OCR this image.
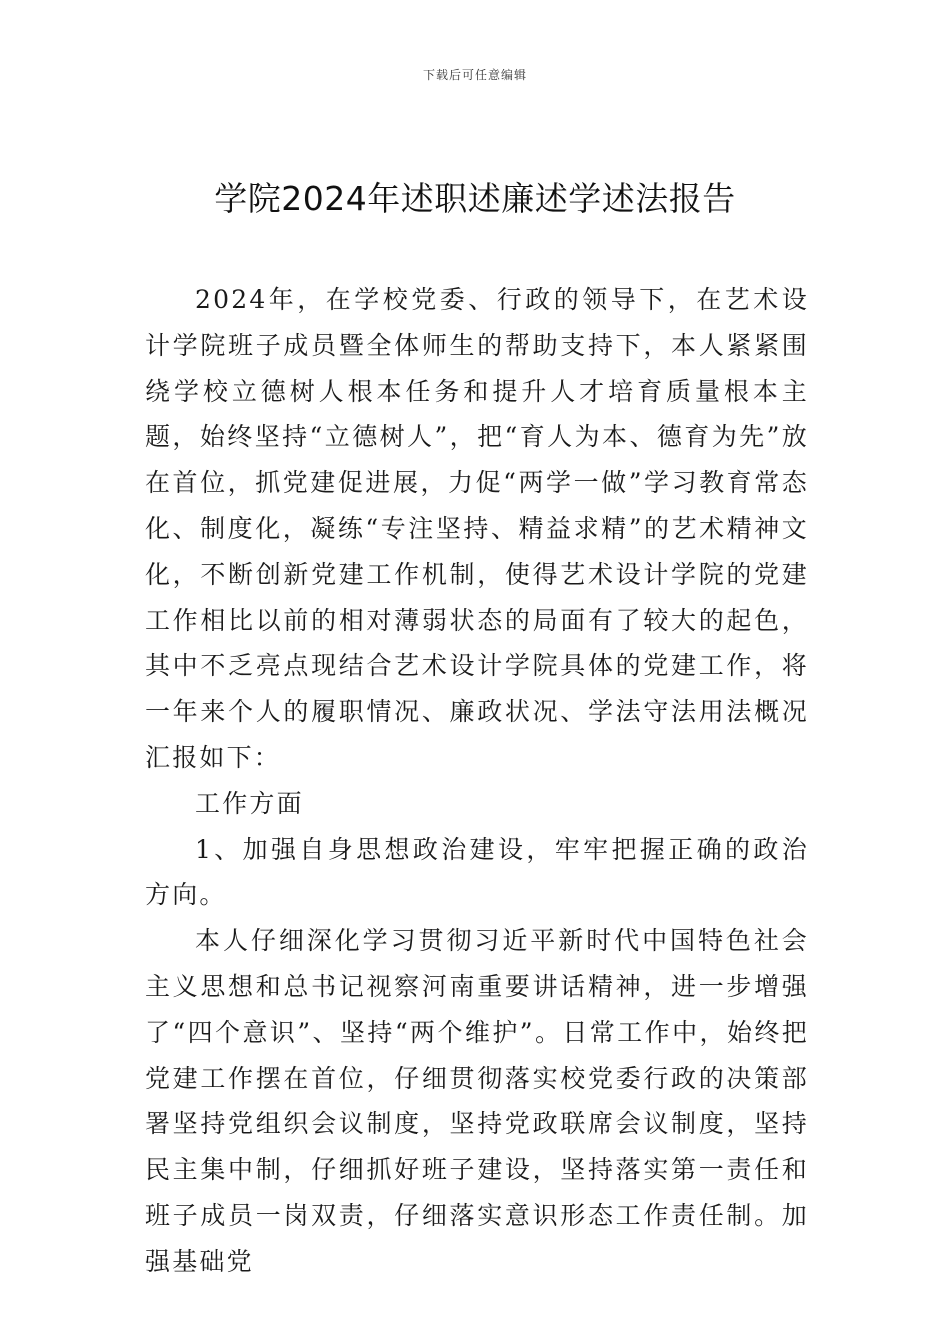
下载后可任意编辑
学院2024年述职述廉述学述法报告

2024年，在学校党委、行政的领导下，在艺术设计学院班子成员暨全体师生的帮助支持下，本人紧紧围绕学校立德树人根本任务和提升人才培育质量根本主题，始终坚持“立德树人”，把“育人为本、德育为先”放在首位，抓党建促进展，力促“两学一做”学习教育常态化、制度化，凝练“专注坚持、精益求精”的艺术精神文化，不断创新党建工作机制，使得艺术设计学院的党建工作相比以前的相对薄弱状态的局面有了较大的起色，其中不乏亮点现结合艺术设计学院具体的党建工作，将一年来个人的履职情况、廉政状况、学法守法用法概况汇报如下：

工作方面

1、加强自身思想政治建设，牢牢把握正确的政治方向。

本人仔细深化学习贯彻习近平新时代中国特色社会主义思想和总书记视察河南重要讲话精神，进一步增强了“四个意识”、坚持“两个维护”。日常工作中，始终把党建工作摆在首位，仔细贯彻落实校党委行政的决策部署坚持党组织会议制度，坚持党政联席会议制度，坚持民主集中制，仔细抓好班子建设，坚持落实第一责任和班子成员一岗双责，仔细落实意识形态工作责任制。加强基础党
